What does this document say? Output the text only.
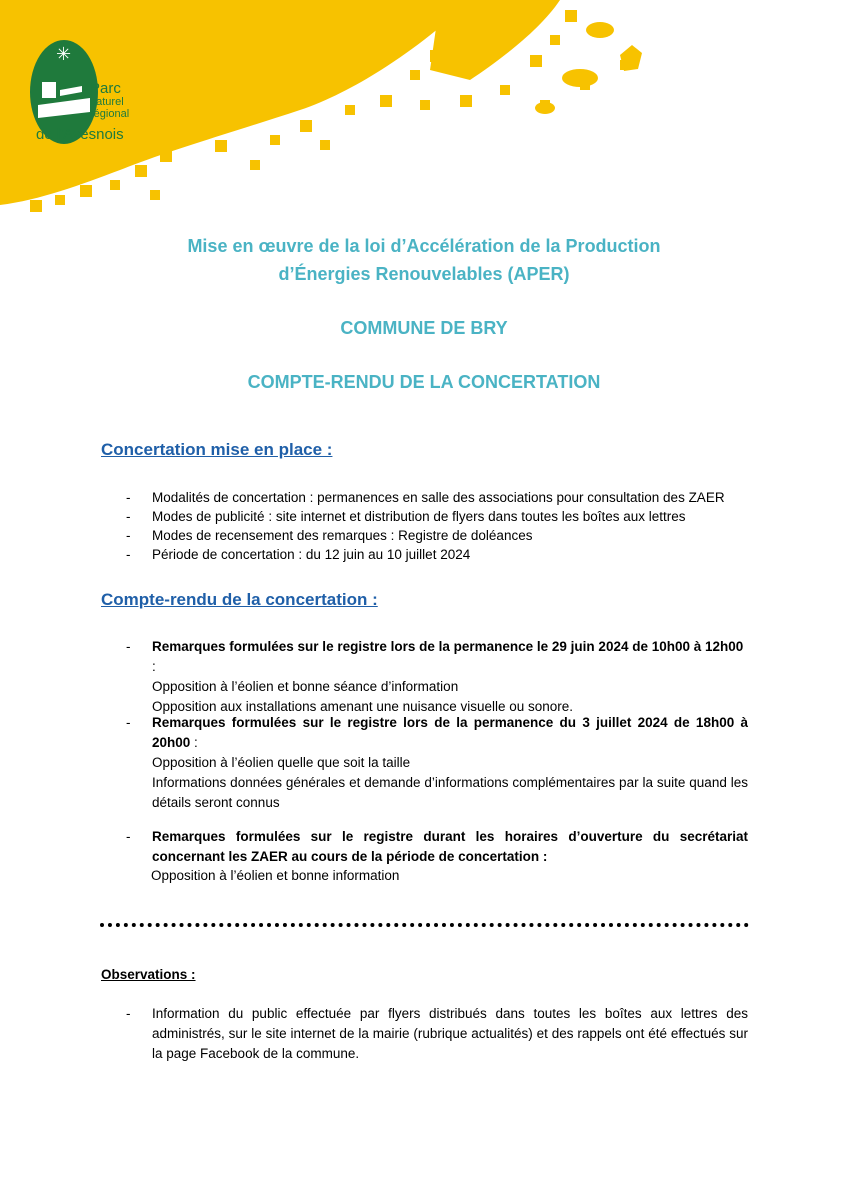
✳
Parc
naturel
régional
de l'Avesnois
Mise en œuvre de la loi d’Accélération de la Production
d’Énergies Renouvelables (APER)
COMMUNE DE BRY
COMPTE-RENDU DE LA CONCERTATION
Concertation mise en place :
- Modalités de concertation : permanences en salle des associations pour consultation des ZAER
- Modes de publicité : site internet et distribution de flyers dans toutes les boîtes aux lettres
- Modes de recensement des remarques : Registre de doléances
- Période de concertation : du 12 juin au 10 juillet 2024
Compte-rendu de la concertation :
- Remarques formulées sur le registre lors de la permanence le 29 juin 2024 de 10h00 à 12h00 :
Opposition à l’éolien et bonne séance d’information
Opposition aux installations amenant une nuisance visuelle ou sonore.
- Remarques formulées sur le registre lors de la permanence du 3 juillet 2024 de 18h00 à 20h00 :
Opposition à l’éolien quelle que soit la taille
Informations données générales et demande d’informations complémentaires par la suite quand les détails seront connus
- Remarques formulées sur le registre durant les horaires d’ouverture du secrétariat concernant les ZAER au cours de la période de concertation :
Opposition à l’éolien et bonne information
Observations :
- Information du public effectuée par flyers distribués dans toutes les boîtes aux lettres des administrés, sur le site internet de la mairie (rubrique actualités) et des rappels ont été effectués sur la page Facebook de la commune.
